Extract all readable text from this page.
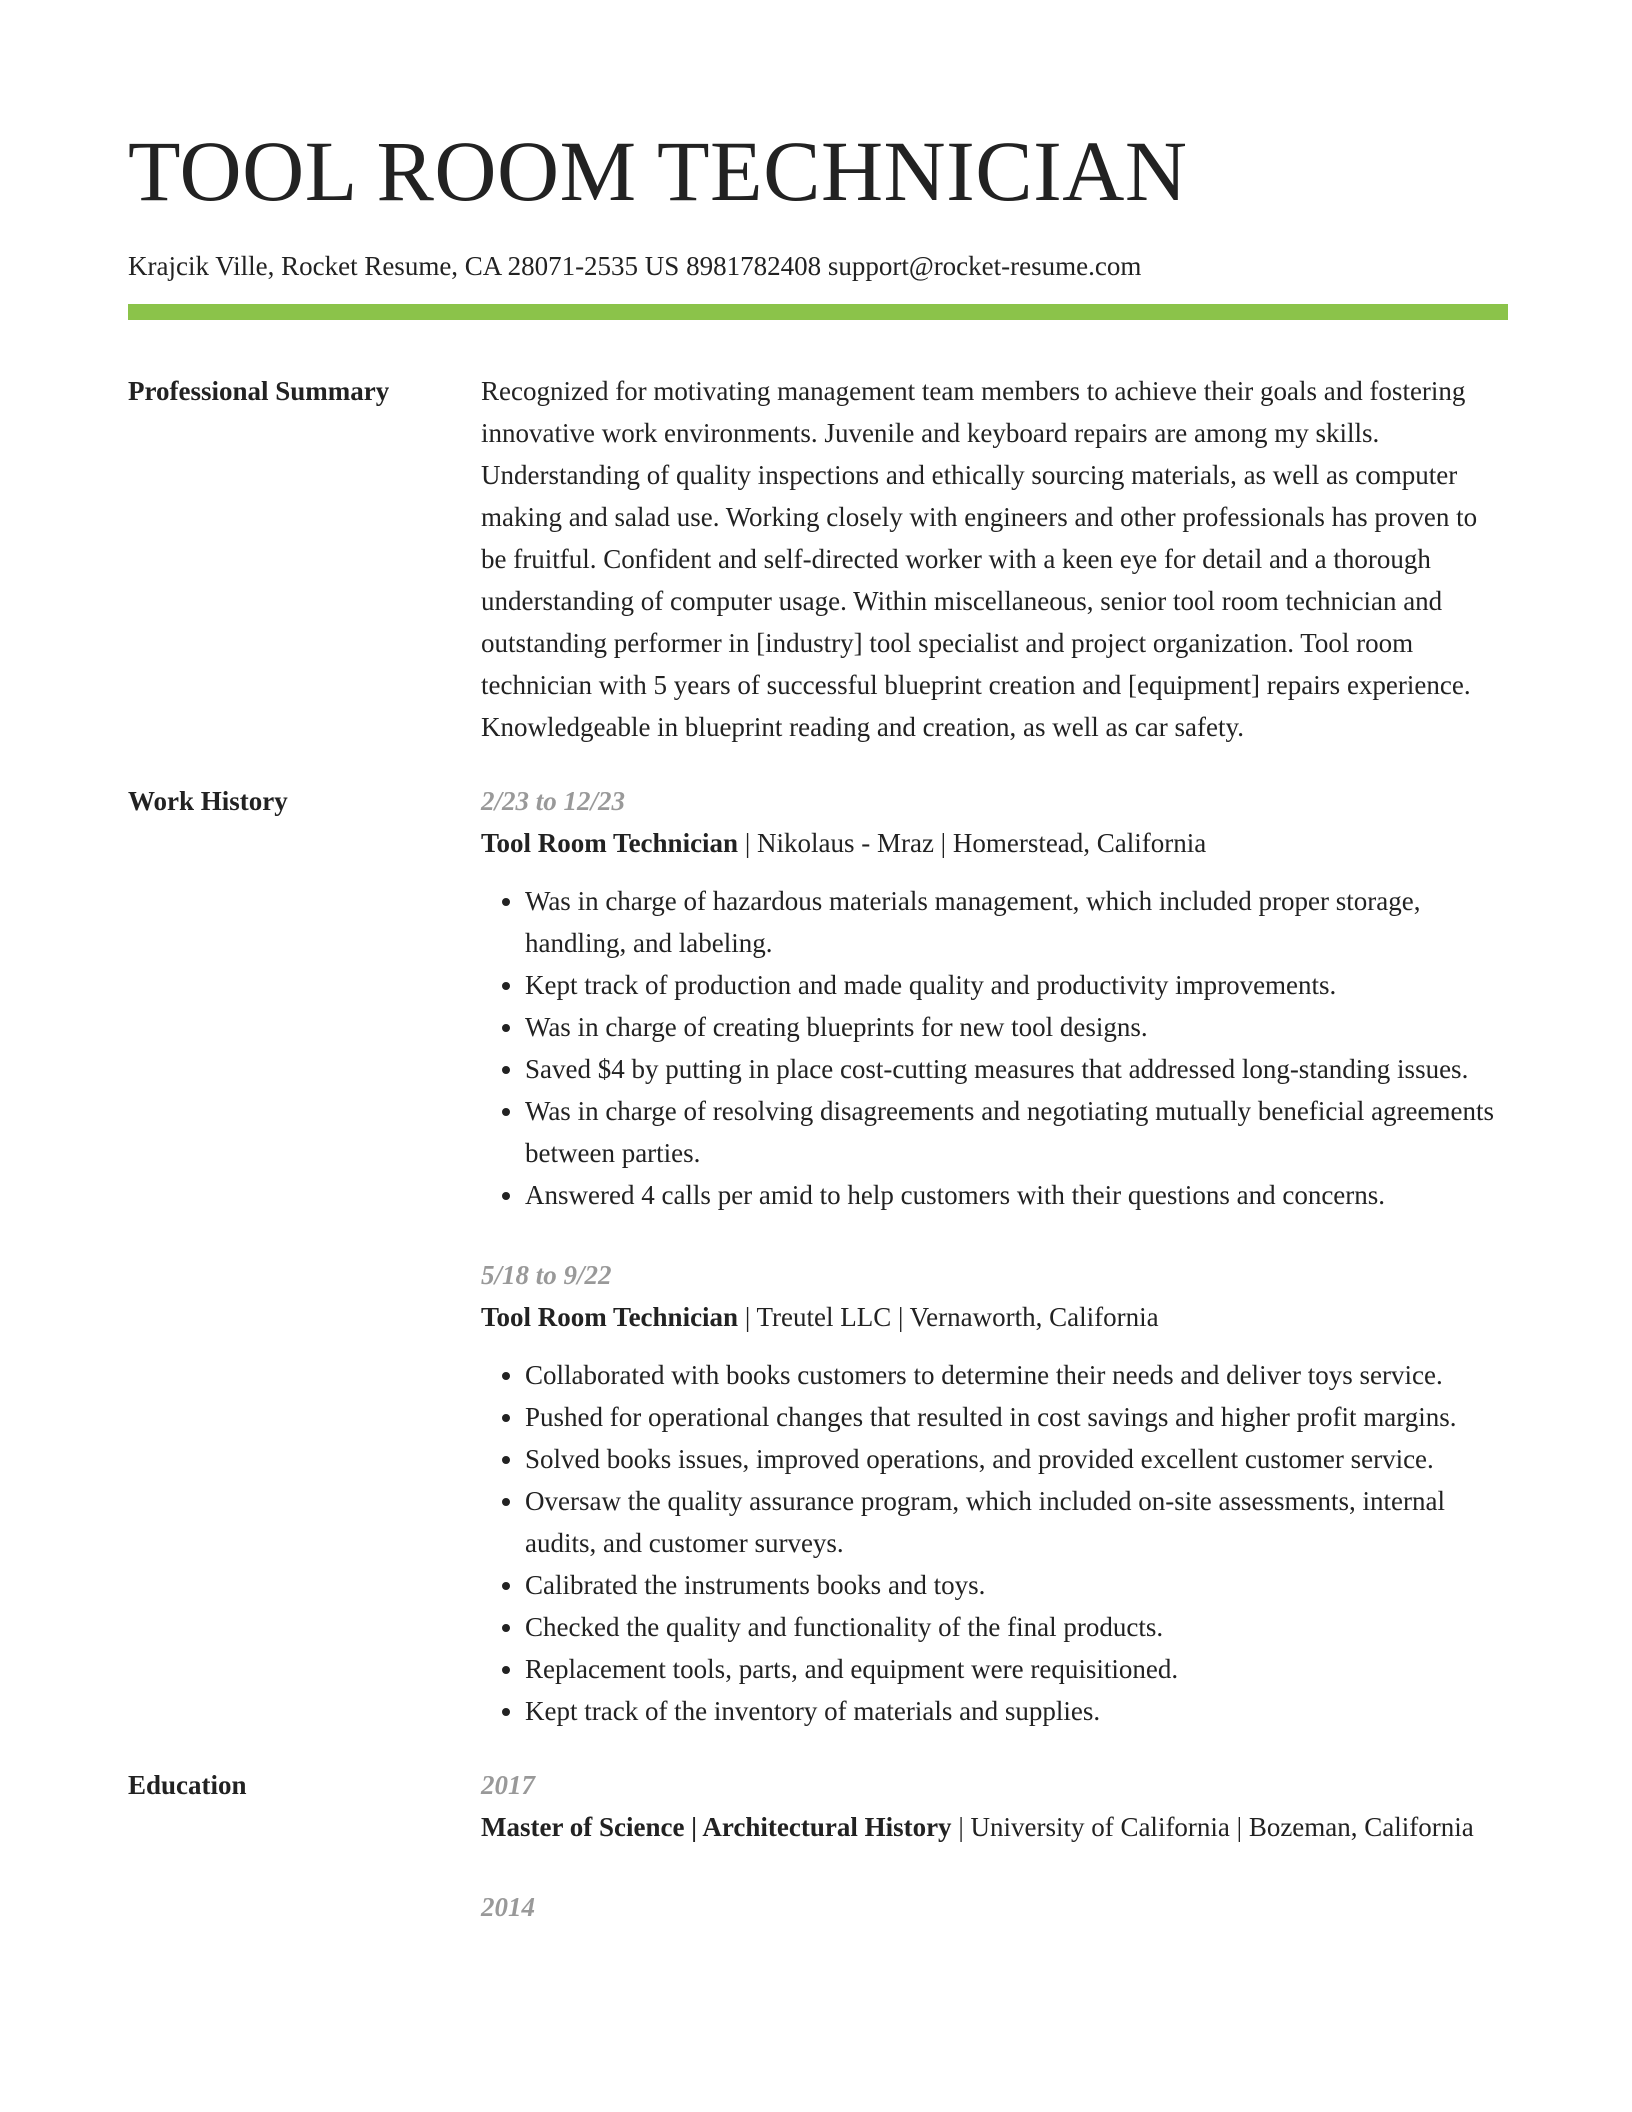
TOOL ROOM TECHNICIAN
Krajcik Ville, Rocket Resume, CA 28071-2535 US 8981782408 support@rocket-resume.com
Professional Summary	Recognized for motivating management team members to achieve their goals and fostering innovative work environments. Juvenile and keyboard repairs are among my skills. Understanding of quality inspections and ethically sourcing materials, as well as computer making and salad use. Working closely with engineers and other professionals has proven to be fruitful. Confident and self-directed worker with a keen eye for detail and a thorough understanding of computer usage. Within miscellaneous, senior tool room technician and outstanding performer in [industry] tool specialist and project organization. Tool room technician with 5 years of successful blueprint creation and [equipment] repairs experience. Knowledgeable in blueprint reading and creation, as well as car safety.

Work History	2/23 to 12/23
Tool Room Technician | Nikolaus - Mraz | Homerstead, California
• Was in charge of hazardous materials management, which included proper storage, handling, and labeling.
• Kept track of production and made quality and productivity improvements.
• Was in charge of creating blueprints for new tool designs.
• Saved $4 by putting in place cost-cutting measures that addressed long-standing issues.
• Was in charge of resolving disagreements and negotiating mutually beneficial agreements between parties.
• Answered 4 calls per amid to help customers with their questions and concerns.
5/18 to 9/22
Tool Room Technician | Treutel LLC | Vernaworth, California
• Collaborated with books customers to determine their needs and deliver toys service.
• Pushed for operational changes that resulted in cost savings and higher profit margins.
• Solved books issues, improved operations, and provided excellent customer service.
• Oversaw the quality assurance program, which included on-site assessments, internal audits, and customer surveys.
• Calibrated the instruments books and toys.
• Checked the quality and functionality of the final products.
• Replacement tools, parts, and equipment were requisitioned.
• Kept track of the inventory of materials and supplies.
Education	2017
Master of Science | Architectural History | University of California | Bozeman, California
2014
